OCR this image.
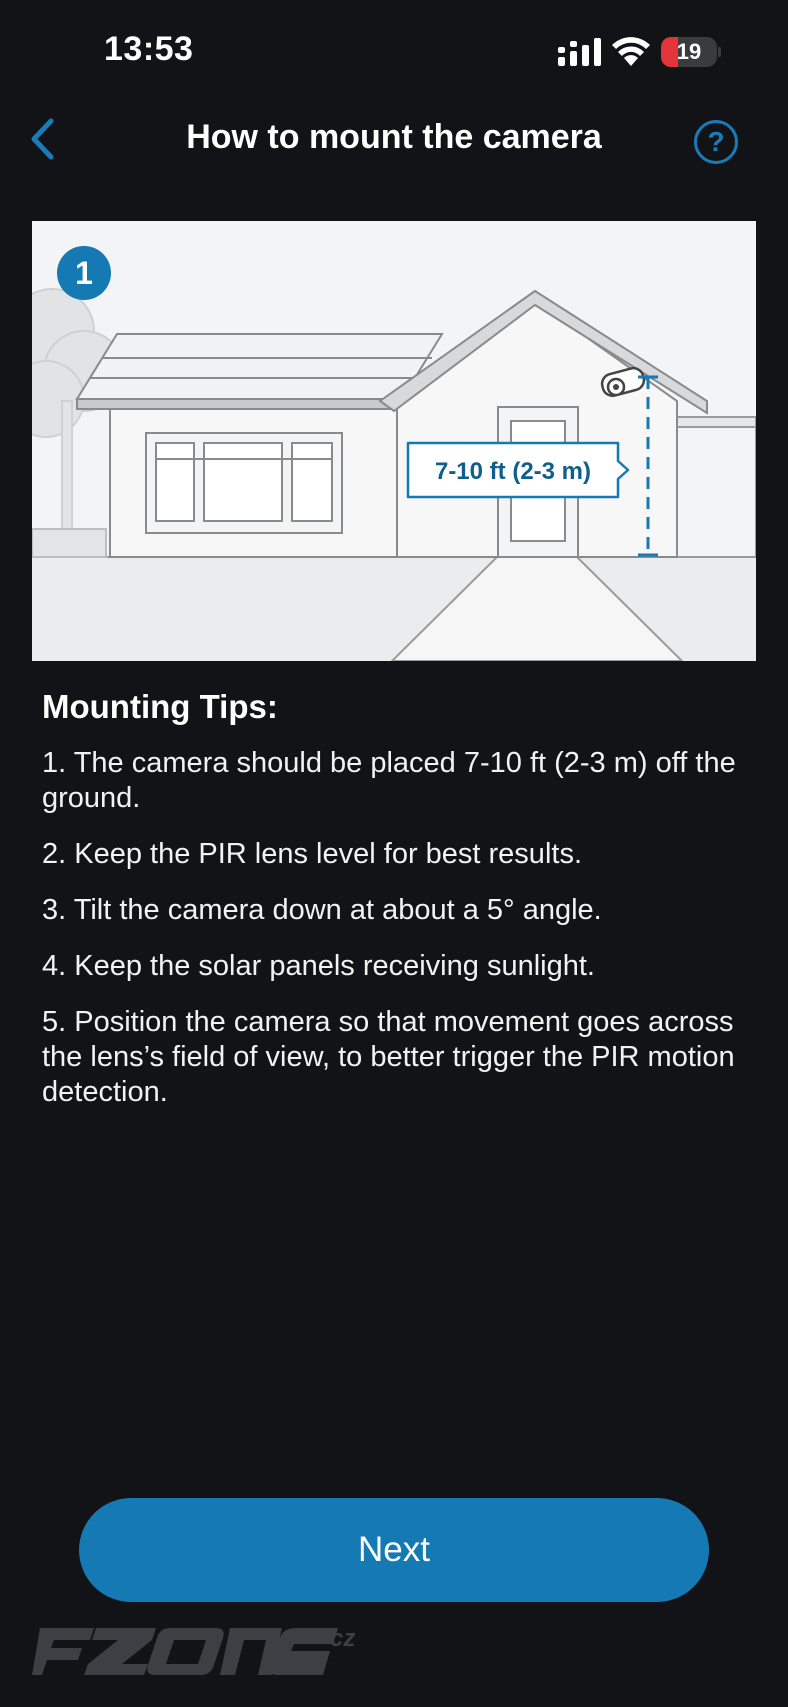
13:53	19
How to mount the camera	?
7-10 ft (2-3 m)
1
Mounting Tips:
1. The camera should be placed 7-10 ft (2-3 m) off the ground.
2. Keep the PIR lens level for best results.
3. Tilt the camera down at about a 5° angle.
4. Keep the solar panels receiving sunlight.
5. Position the camera so that movement goes across the lens’s field of view, to better trigger the PIR motion detection.
Next
cz
